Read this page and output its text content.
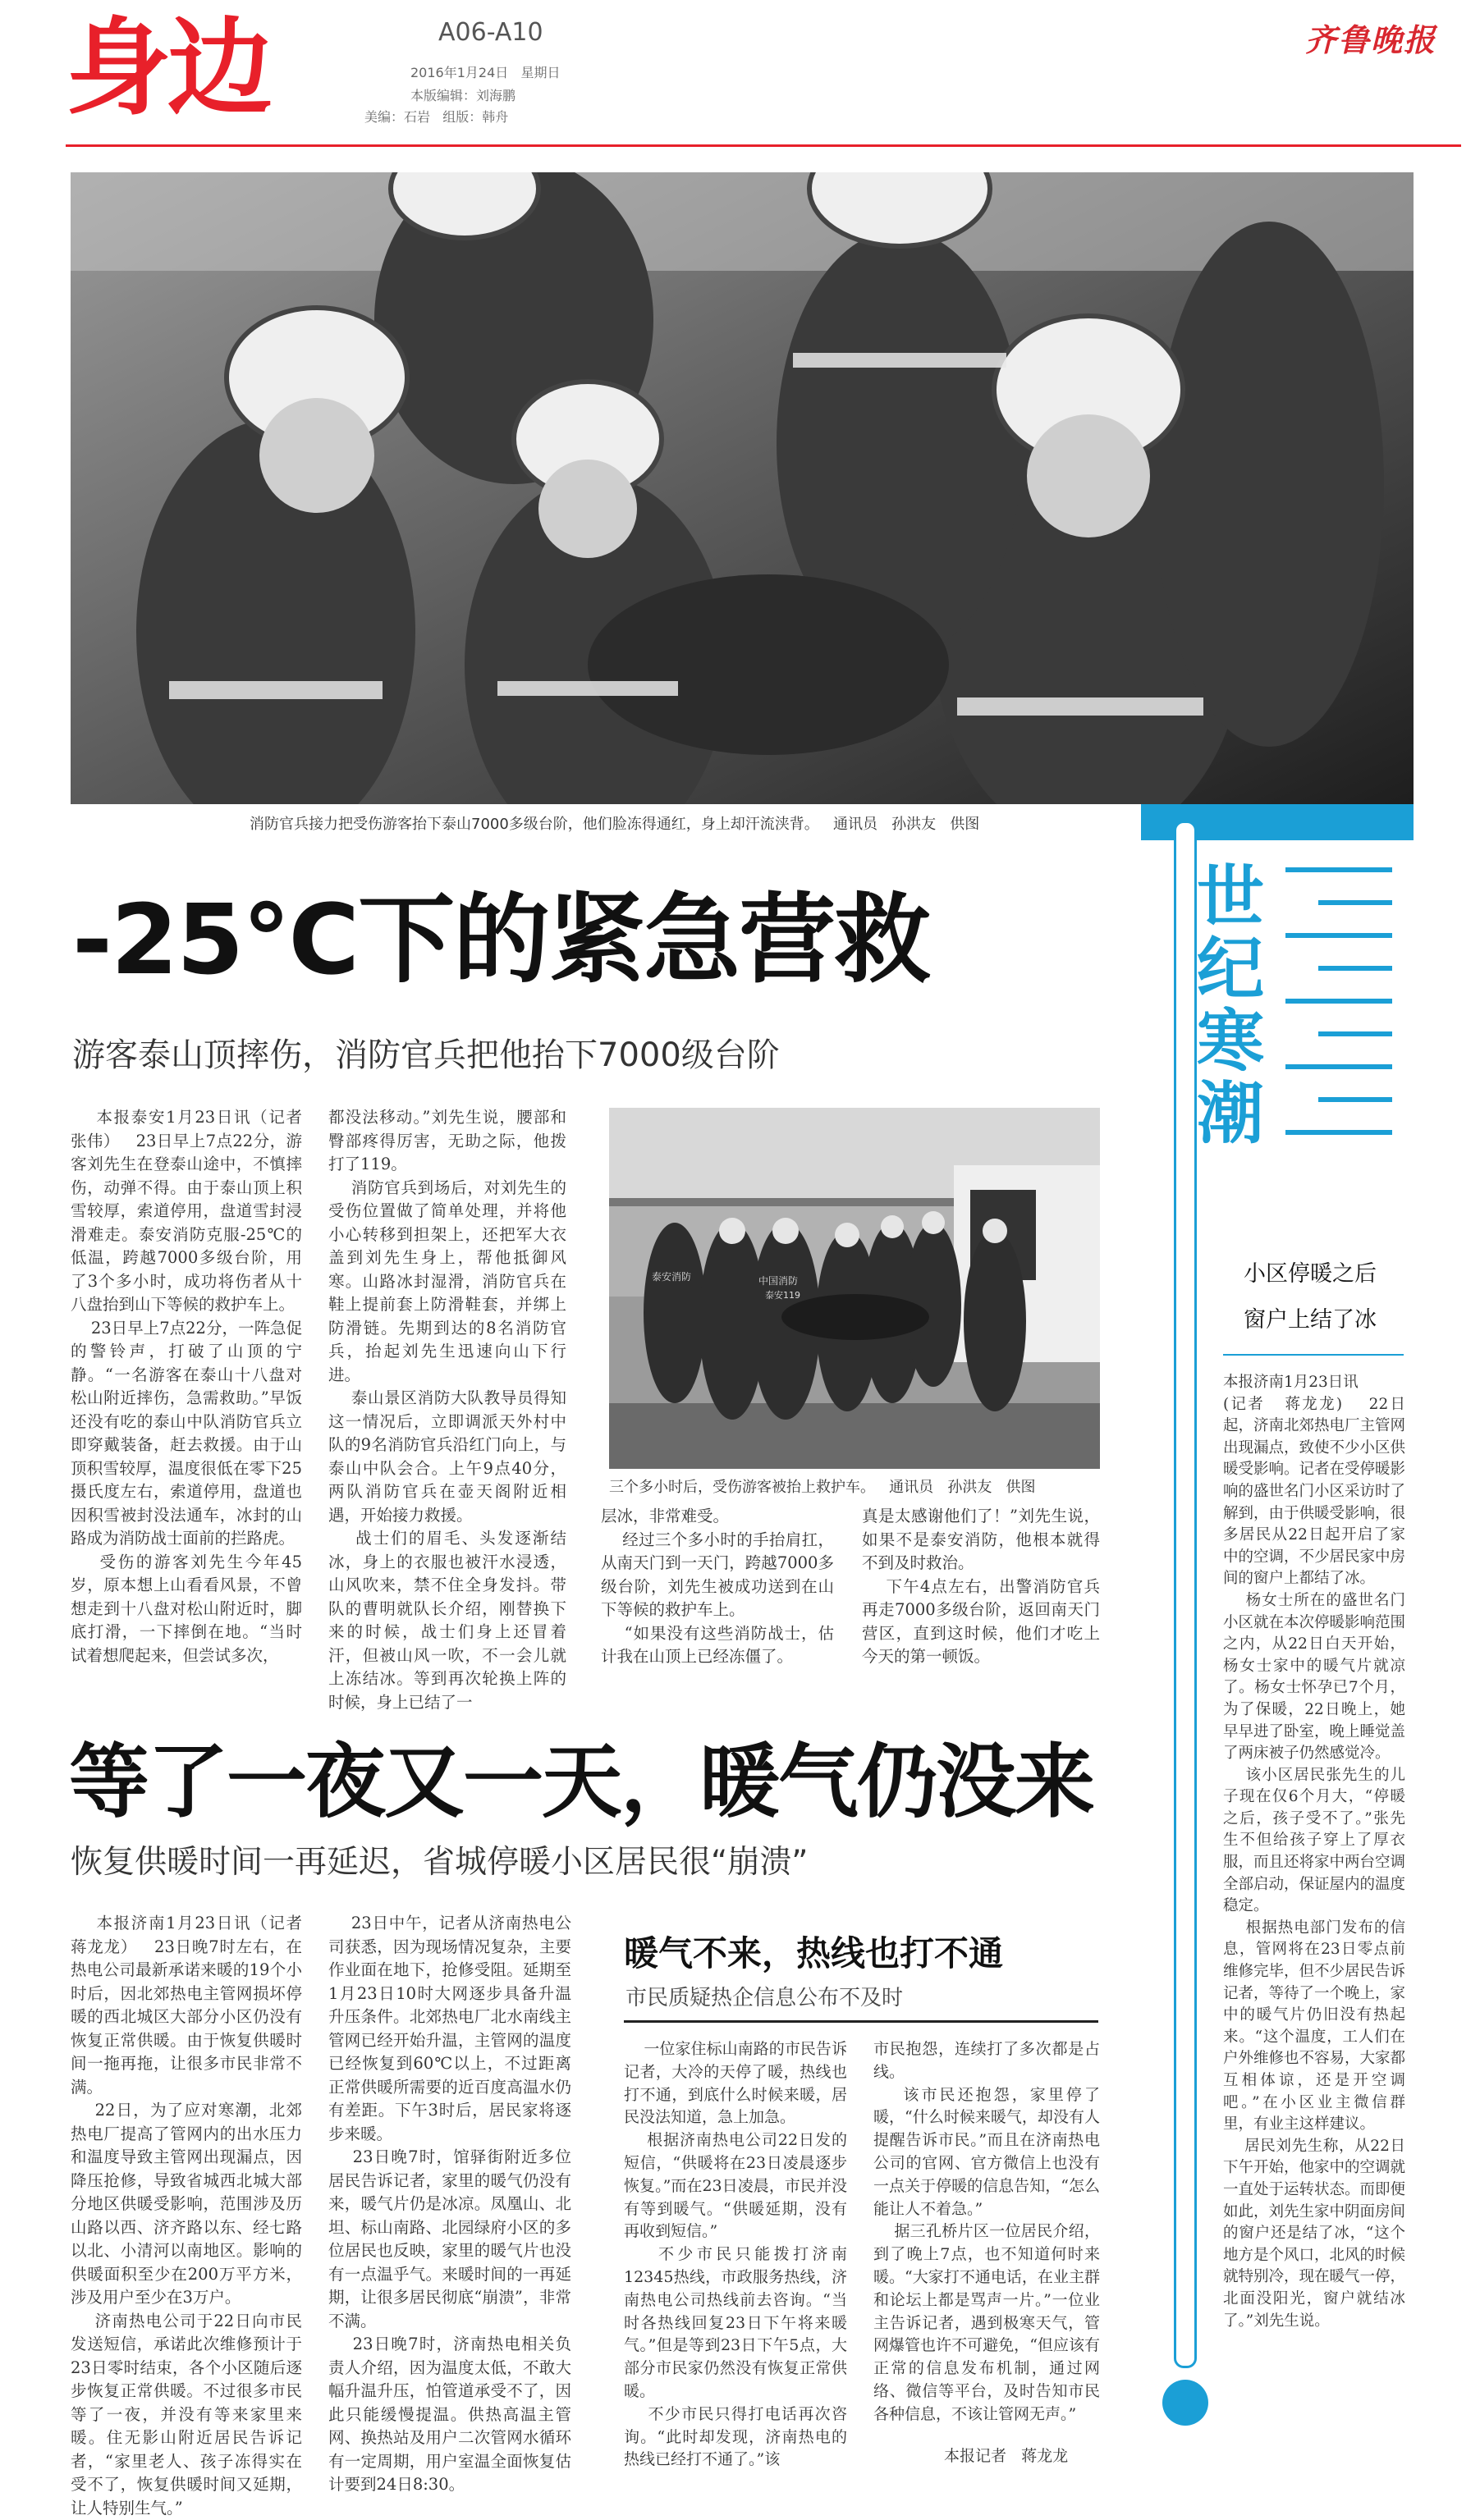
身边	A06-A10
2016年1月24日   星期日
本版编辑：刘海鹏
美编：石岩   组版：韩舟
齐鲁晚报
消防官兵接力把受伤游客抬下泰山7000多级台阶，他们脸冻得通红，身上却汗流浃背。   通讯员   孙洪友   供图
世
纪
寒
潮
小区停暖之后
窗户上结了冰
本报济南1月23日讯
(记者   蒋龙龙)    22日起，济南北郊热电厂主管网出现漏点，致使不少小区供暖受影响。记者在受停暖影响的盛世名门小区采访时了解到，由于供暖受影响，很多居民从22日起开启了家中的空调，不少居民家中房间的窗户上都结了冰。
杨女士所在的盛世名门小区就在本次停暖影响范围之内，从22日白天开始，杨女士家中的暖气片就凉了。杨女士怀孕已7个月，为了保暖，22日晚上，她早早进了卧室，晚上睡觉盖了两床被子仍然感觉冷。
该小区居民张先生的儿子现在仅6个月大，“停暖之后，孩子受不了。”张先生不但给孩子穿上了厚衣服，而且还将家中两台空调全部启动，保证屋内的温度稳定。
根据热电部门发布的信息，管网将在23日零点前维修完毕，但不少居民告诉记者，等待了一个晚上，家中的暖气片仍旧没有热起来。“这个温度，工人们在户外维修也不容易，大家都互相体谅，还是开空调吧。”在小区业主微信群里，有业主这样建议。
居民刘先生称，从22日下午开始，他家中的空调就一直处于运转状态。而即便如此，刘先生家中阴面房间的窗户还是结了冰，“这个地方是个风口，北风的时候就特别冷，现在暖气一停，北面没阳光，窗户就结冰了。”刘先生说。
-25℃下的紧急营救
游客泰山顶摔伤，消防官兵把他抬下7000级台阶
本报泰安1月23日讯（记者   张伟）   23日早上7点22分，游客刘先生在登泰山途中，不慎摔伤，动弹不得。由于泰山顶上积雪较厚，索道停用，盘道雪封浸滑难走。泰安消防克服-25℃的低温，跨越7000多级台阶，用了3个多小时，成功将伤者从十八盘抬到山下等候的救护车上。
23日早上7点22分，一阵急促的警铃声，打破了山顶的宁静。“一名游客在泰山十八盘对松山附近摔伤，急需救助。”早饭还没有吃的泰山中队消防官兵立即穿戴装备，赶去救援。由于山顶积雪较厚，温度很低在零下25摄氏度左右，索道停用，盘道也因积雪被封没法通车，冰封的山路成为消防战士面前的拦路虎。
受伤的游客刘先生今年45岁，原本想上山看看风景，不曾想走到十八盘对松山附近时，脚底打滑，一下摔倒在地。“当时试着想爬起来，但尝试多次，
都没法移动。”刘先生说，腰部和臀部疼得厉害，无助之际，他拨打了119。
消防官兵到场后，对刘先生的受伤位置做了简单处理，并将他小心转移到担架上，还把军大衣盖到刘先生身上，帮他抵御风寒。山路冰封湿滑，消防官兵在鞋上提前套上防滑鞋套，并绑上防滑链。先期到达的8名消防官兵，抬起刘先生迅速向山下行进。
泰山景区消防大队教导员得知这一情况后，立即调派天外村中队的9名消防官兵沿红门向上，与泰山中队会合。上午9点40分，两队消防官兵在壶天阁附近相遇，开始接力救援。
战士们的眉毛、头发逐渐结冰，身上的衣服也被汗水浸透，山风吹来，禁不住全身发抖。带队的曹明就队长介绍，刚替换下来的时候，战士们身上还冒着汗，但被山风一吹，不一会儿就上冻结冰。等到再次轮换上阵的时候，身上已结了一
泰安消防	中国消防
泰安119
三个多小时后，受伤游客被抬上救护车。   通讯员   孙洪友   供图
层冰，非常难受。
经过三个多小时的手抬肩扛，从南天门到一天门，跨越7000多级台阶，刘先生被成功送到在山下等候的救护车上。
“如果没有这些消防战士，估计我在山顶上已经冻僵了。
真是太感谢他们了！”刘先生说，如果不是泰安消防，他根本就得不到及时救治。
下午4点左右，出警消防官兵再走7000多级台阶，返回南天门营区，直到这时候，他们才吃上今天的第一顿饭。
等了一夜又一天，暖气仍没来
恢复供暖时间一再延迟，省城停暖小区居民很“崩溃”
本报济南1月23日讯（记者   蒋龙龙）   23日晚7时左右，在热电公司最新承诺来暖的19个小时后，因北郊热电主管网损坏停暖的西北城区大部分小区仍没有恢复正常供暖。由于恢复供暖时间一拖再拖，让很多市民非常不满。
22日，为了应对寒潮，北郊热电厂提高了管网内的出水压力和温度导致主管网出现漏点，因降压抢修，导致省城西北城大部分地区供暖受影响，范围涉及历山路以西、济齐路以东、经七路以北、小清河以南地区。影响的供暖面积至少在200万平方米，涉及用户至少在3万户。
济南热电公司于22日向市民发送短信，承诺此次维修预计于23日零时结束，各个小区随后逐步恢复正常供暖。不过很多市民等了一夜，并没有等来家里来暖。住无影山附近居民告诉记者，“家里老人、孩子冻得实在受不了，恢复供暖时间又延期，让人特别生气。”
23日中午，记者从济南热电公司获悉，因为现场情况复杂，主要作业面在地下，抢修受阻。延期至1月23日10时大网逐步具备升温升压条件。北郊热电厂北水南线主管网已经开始升温，主管网的温度已经恢复到60℃以上，不过距离正常供暖所需要的近百度高温水仍有差距。下午3时后，居民家将逐步来暖。
23日晚7时，馆驿街附近多位居民告诉记者，家里的暖气仍没有来，暖气片仍是冰凉。凤凰山、北坦、标山南路、北园绿府小区的多位居民也反映，家里的暖气片也没有一点温乎气。来暖时间的一再延期，让很多居民彻底“崩溃”，非常不满。
23日晚7时，济南热电相关负责人介绍，因为温度太低，不敢大幅升温升压，怕管道承受不了，因此只能缓慢提温。供热高温主管网、换热站及用户二次管网水循环有一定周期，用户室温全面恢复估计要到24日8:30。
暖气不来，热线也打不通
市民质疑热企信息公布不及时
一位家住标山南路的市民告诉记者，大冷的天停了暖，热线也打不通，到底什么时候来暖，居民没法知道，急上加急。
根据济南热电公司22日发的短信，“供暖将在23日凌晨逐步恢复。”而在23日凌晨，市民并没有等到暖气。“供暖延期，没有再收到短信。”
不少市民只能拨打济南12345热线，市政服务热线，济南热电公司热线前去咨询。“当时各热线回复23日下午将来暖气。”但是等到23日下午5点，大部分市民家仍然没有恢复正常供暖。
不少市民只得打电话再次咨询。“此时却发现，济南热电的热线已经打不通了。”该
市民抱怨，连续打了多次都是占线。
该市民还抱怨，家里停了暖，“什么时候来暖气，却没有人提醒告诉市民。”而且在济南热电公司的官网、官方微信上也没有一点关于停暖的信息告知，“怎么能让人不着急。”
据三孔桥片区一位居民介绍，到了晚上7点，也不知道何时来暖。“大家打不通电话，在业主群和论坛上都是骂声一片。”一位业主告诉记者，遇到极寒天气，管网爆管也许不可避免，“但应该有正常的信息发布机制，通过网络、微信等平台，及时告知市民各种信息，不该让管网无声。”
本报记者   蒋龙龙
